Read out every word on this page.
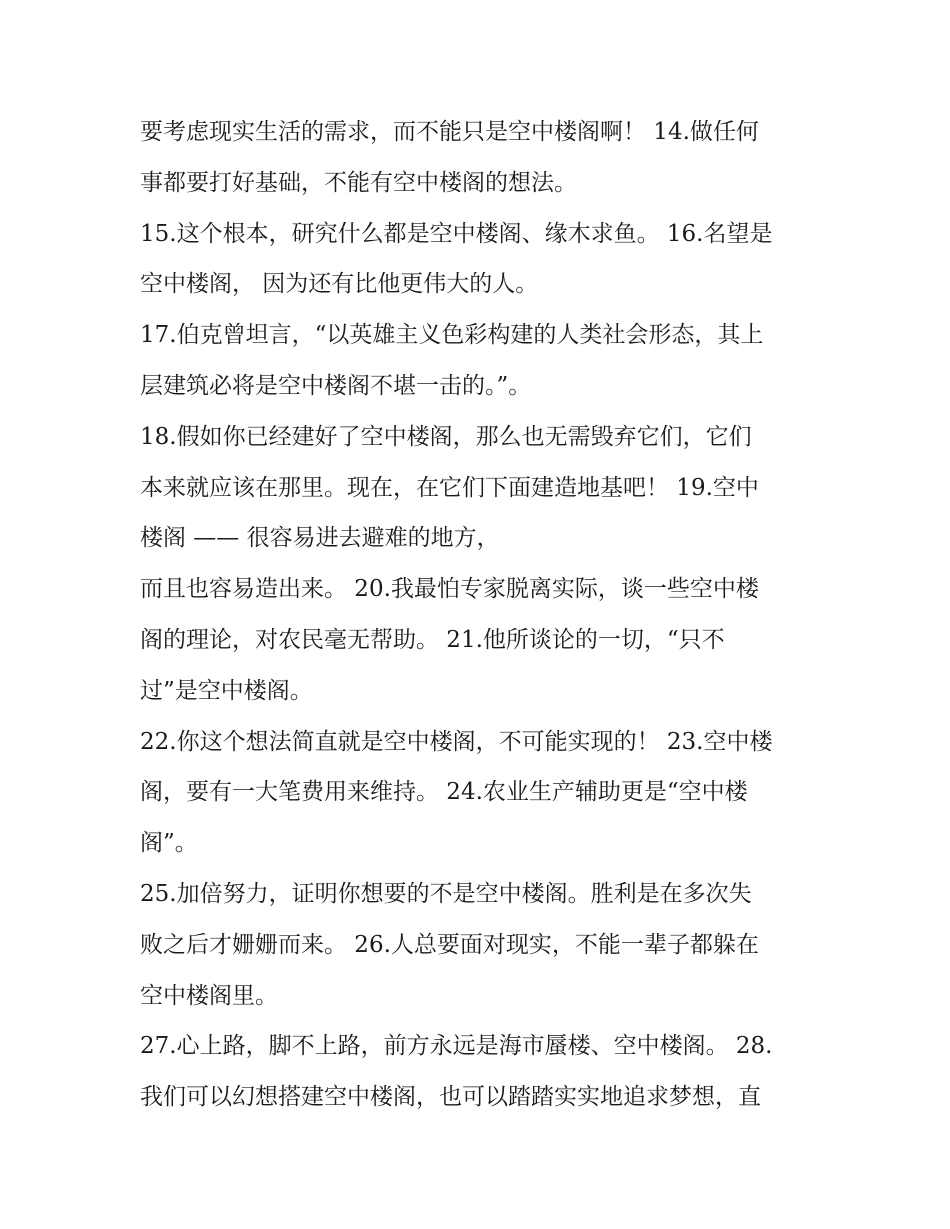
要考虑现实生活的需求，而不能只是空中楼阁啊！ 14.做任何
事都要打好基础，不能有空中楼阁的想法。
15.这个根本，研究什么都是空中楼阁、缘木求鱼。 16.名望是
空中楼阁， 因为还有比他更伟大的人。
17.伯克曾坦言，“以英雄主义色彩构建的人类社会形态，其上
层建筑必将是空中楼阁不堪一击的。”。
18.假如你已经建好了空中楼阁，那么也无需毁弃它们，它们
本来就应该在那里。现在，在它们下面建造地基吧！ 19.空中
楼阁 —— 很容易进去避难的地方，
而且也容易造出来。 20.我最怕专家脱离实际，谈一些空中楼
阁的理论，对农民毫无帮助。 21.他所谈论的一切，“只不
过”是空中楼阁。
22.你这个想法简直就是空中楼阁，不可能实现的！ 23.空中楼
阁，要有一大笔费用来维持。 24.农业生产辅助更是“空中楼
阁”。
25.加倍努力，证明你想要的不是空中楼阁。胜利是在多次失
败之后才姗姗而来。 26.人总要面对现实，不能一辈子都躲在
空中楼阁里。
27.心上路，脚不上路，前方永远是海市蜃楼、空中楼阁。 28.
我们可以幻想搭建空中楼阁，也可以踏踏实实地追求梦想，直
